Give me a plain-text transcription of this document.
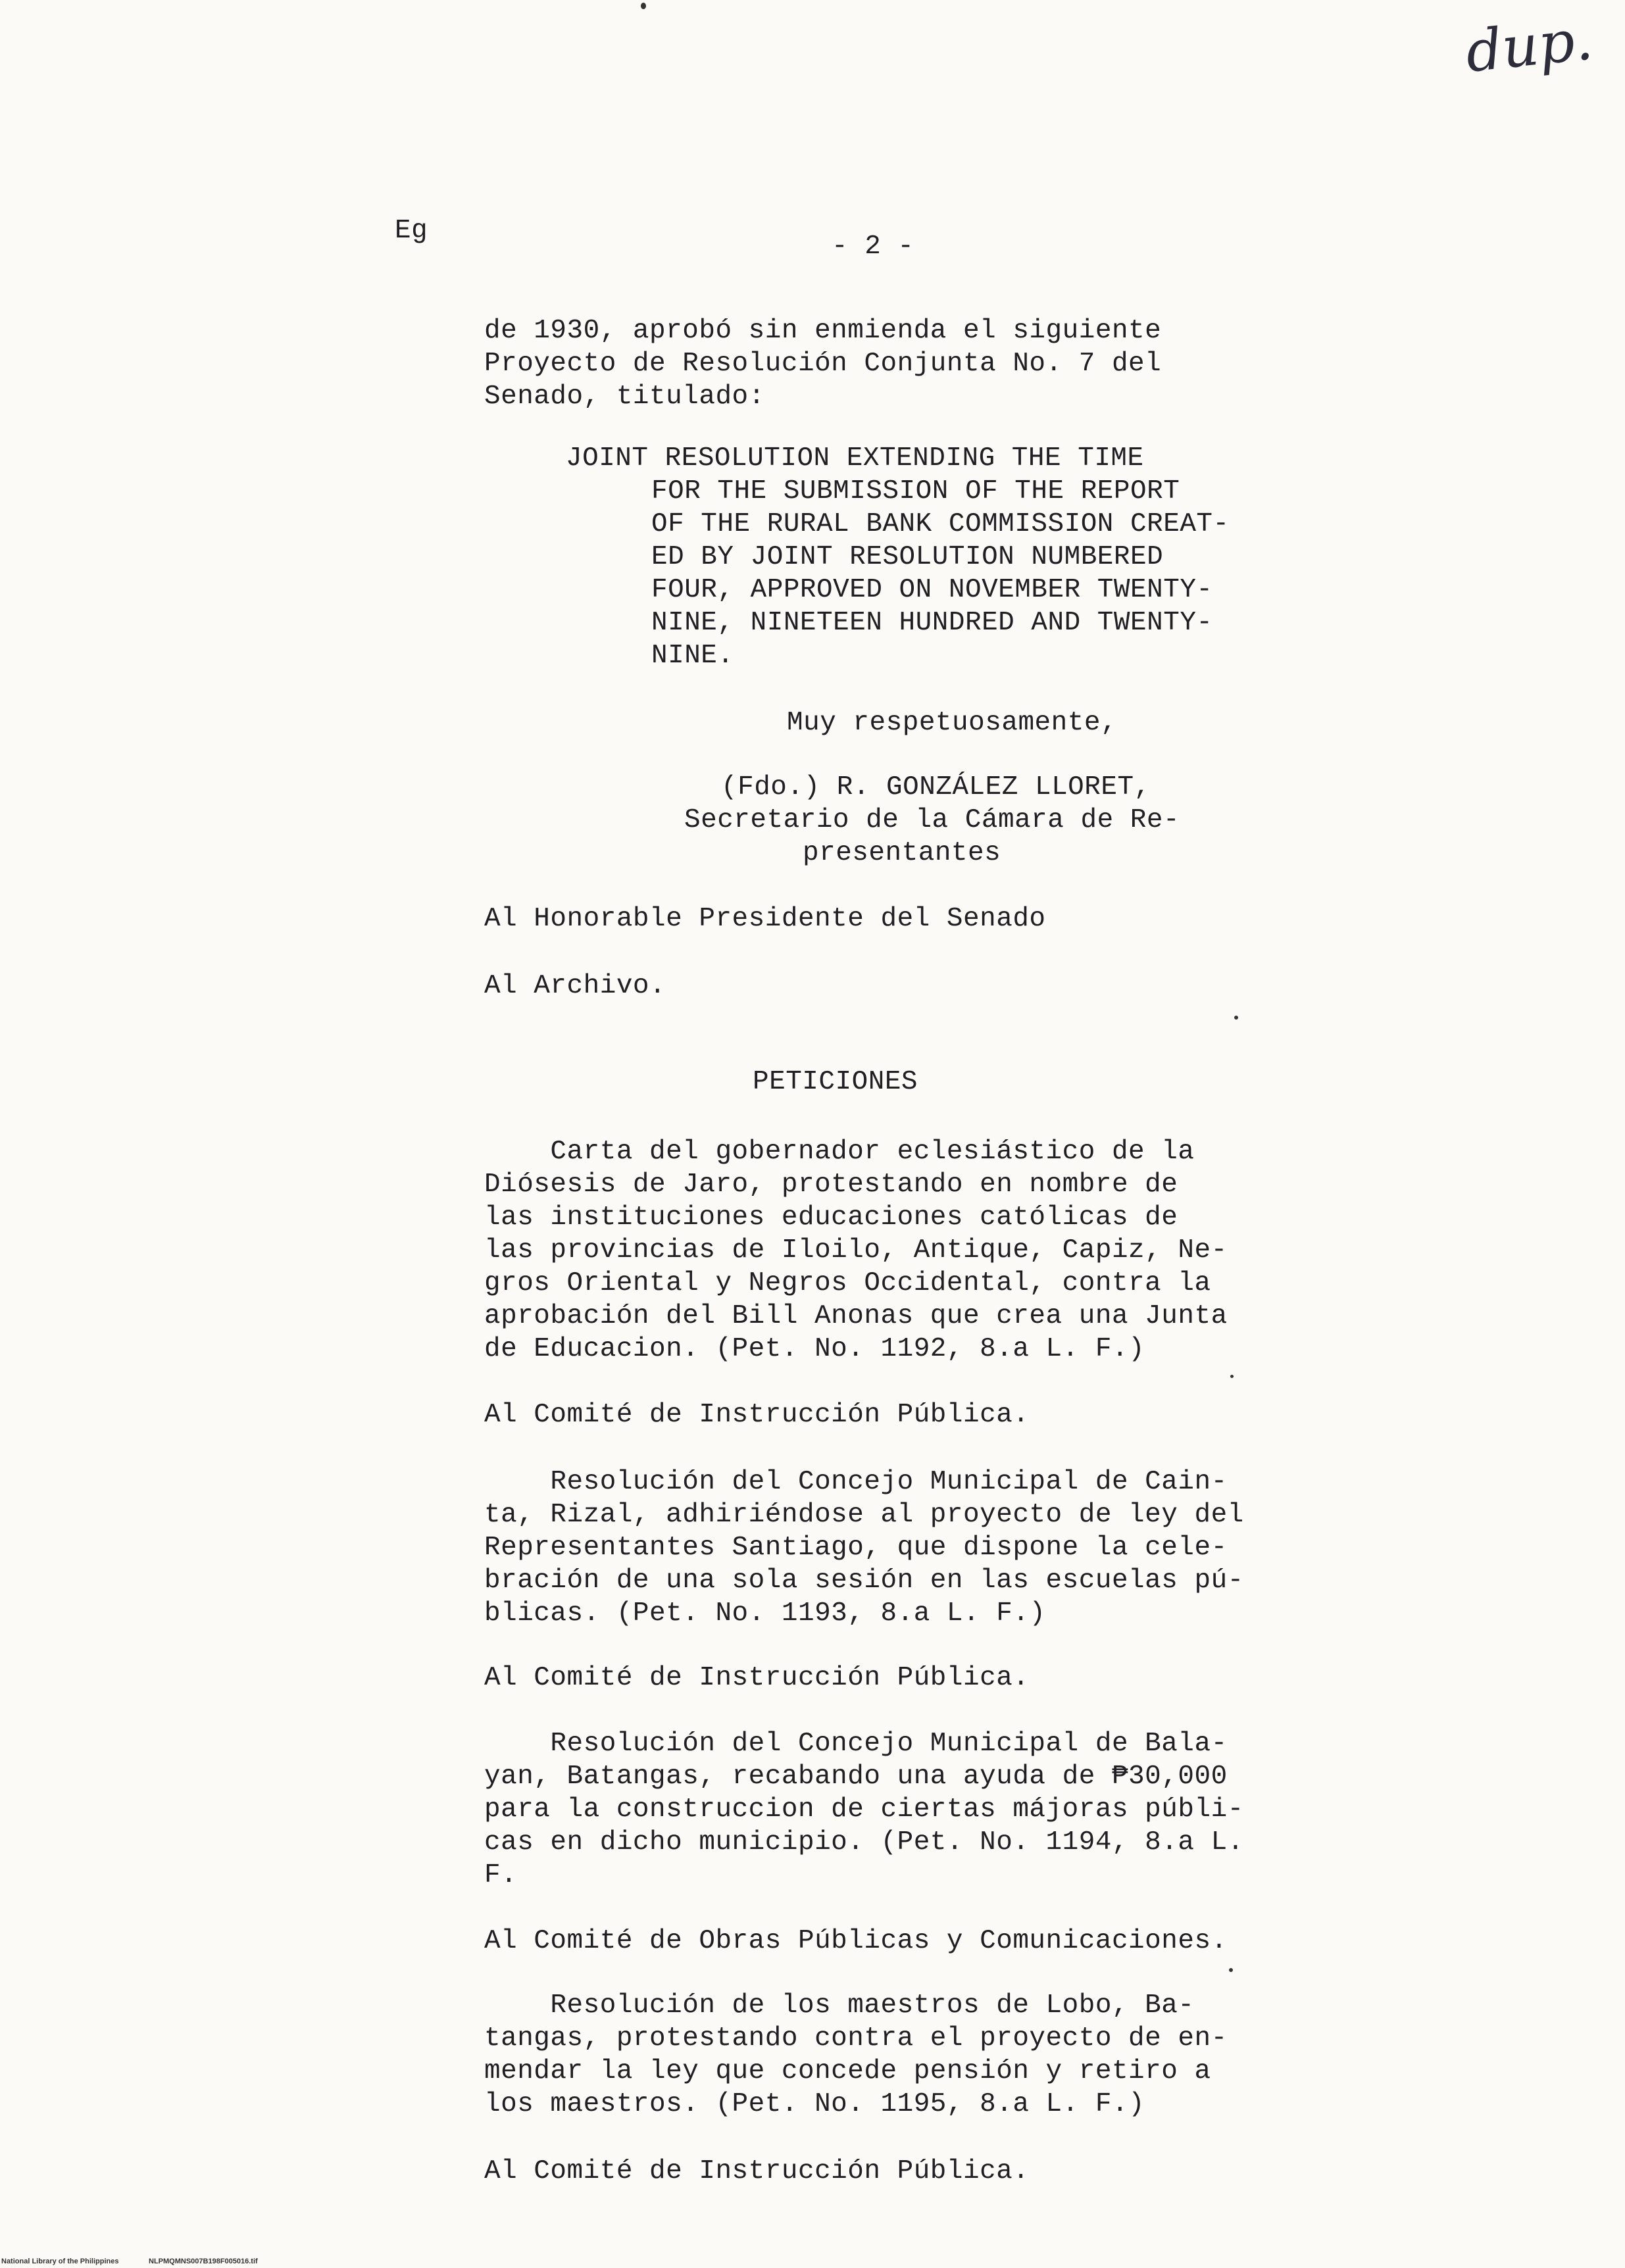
dup.
Eg
- 2 -
de 1930, aprobó sin enmienda el siguiente
Proyecto de Resolución Conjunta No. 7 del
Senado, titulado:
JOINT RESOLUTION EXTENDING THE TIME
FOR THE SUBMISSION OF THE REPORT
OF THE RURAL BANK COMMISSION CREAT-
ED BY JOINT RESOLUTION NUMBERED
FOUR, APPROVED ON NOVEMBER TWENTY-
NINE, NINETEEN HUNDRED AND TWENTY-
NINE.
Muy respetuosamente,
(Fdo.) R. GONZÁLEZ LLORET,
Secretario de la Cámara de Re-
presentantes
Al Honorable Presidente del Senado
Al Archivo.
PETICIONES
Carta del gobernador eclesiástico de la
Diósesis de Jaro, protestando en nombre de
las instituciones educaciones católicas de
las provincias de Iloilo, Antique, Capiz, Ne-
gros Oriental y Negros Occidental, contra la
aprobación del Bill Anonas que crea una Junta
de Educacion. (Pet. No. 1192, 8.a L. F.)
Al Comité de Instrucción Pública.
Resolución del Concejo Municipal de Cain-
ta, Rizal, adhiriéndose al proyecto de ley del
Representantes Santiago, que dispone la cele-
bración de una sola sesión en las escuelas pú-
blicas. (Pet. No. 1193, 8.a L. F.)
Al Comité de Instrucción Pública.
Resolución del Concejo Municipal de Bala-
yan, Batangas, recabando una ayuda de ₱30,000
para la construccion de ciertas májoras públi-
cas en dicho municipio. (Pet. No. 1194, 8.a L.
F.
Al Comité de Obras Públicas y Comunicaciones.
Resolución de los maestros de Lobo, Ba-
tangas, protestando contra el proyecto de en-
mendar la ley que concede pensión y retiro a
los maestros. (Pet. No. 1195, 8.a L. F.)
Al Comité de Instrucción Pública.
National Library of the Philippines	NLPMQMNS007B198F005016.tif
